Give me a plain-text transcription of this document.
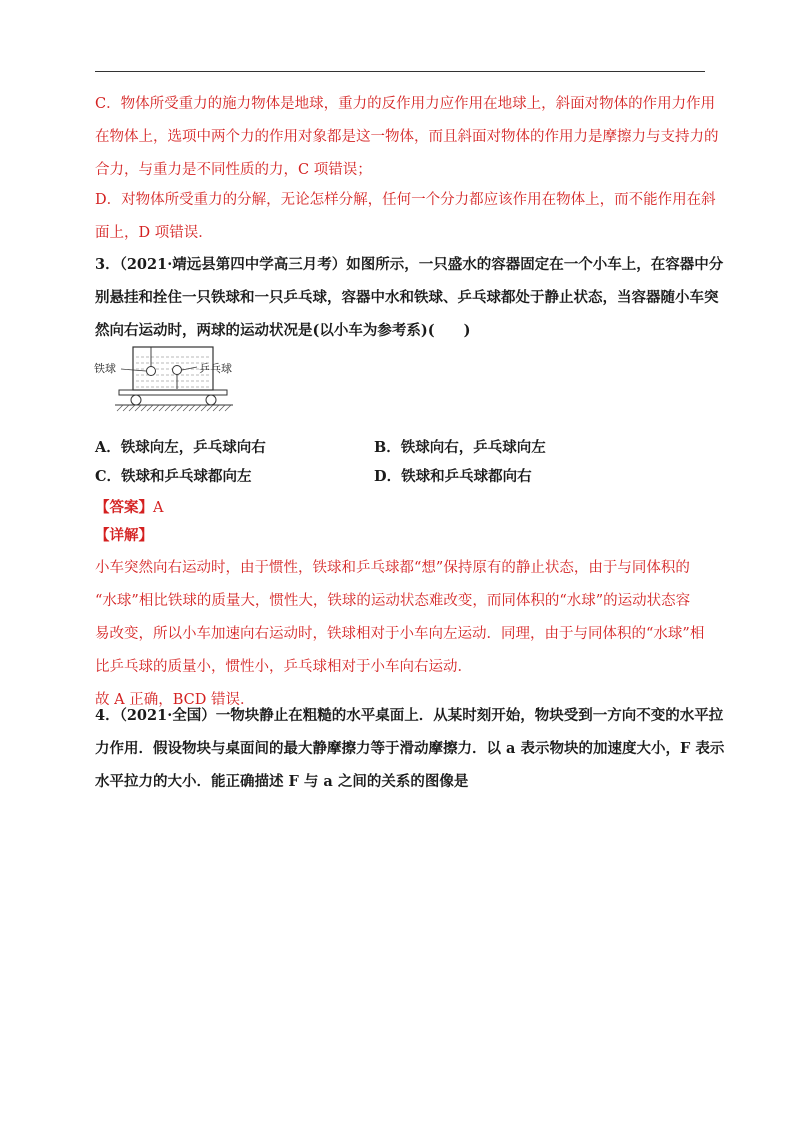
C．物体所受重力的施力物体是地球，重力的反作用力应作用在地球上，斜面对物体的作用力作用
在物体上，选项中两个力的作用对象都是这一物体，而且斜面对物体的作用力是摩擦力与支持力的
合力，与重力是不同性质的力，C 项错误；
D．对物体所受重力的分解，无论怎样分解，任何一个分力都应该作用在物体上，而不能作用在斜
面上，D 项错误．
3．（2021·靖远县第四中学高三月考）如图所示，一只盛水的容器固定在一个小车上，在容器中分
别悬挂和拴住一只铁球和一只乒乓球，容器中水和铁球、乒乓球都处于静止状态，当容器随小车突
然向右运动时，两球的运动状况是(以小车为参考系)(　　)
铁球	乒乓球
A．铁球向左，乒乓球向右	B．铁球向右，乒乓球向左
C．铁球和乒乓球都向左	D．铁球和乒乓球都向右
【答案】A
【详解】
小车突然向右运动时，由于惯性，铁球和乒乓球都“想”保持原有的静止状态，由于与同体积的
“水球”相比铁球的质量大，惯性大，铁球的运动状态难改变，而同体积的“水球”的运动状态容
易改变，所以小车加速向右运动时，铁球相对于小车向左运动．同理，由于与同体积的“水球”相
比乒乓球的质量小，惯性小，乒乓球相对于小车向右运动．
故 A 正确，BCD 错误．
4．（2021·全国）一物块静止在粗糙的水平桌面上．从某时刻开始，物块受到一方向不变的水平拉
力作用．假设物块与桌面间的最大静摩擦力等于滑动摩擦力．以 a 表示物块的加速度大小，F 表示
水平拉力的大小．能正确描述 F 与 a 之间的关系的图像是
